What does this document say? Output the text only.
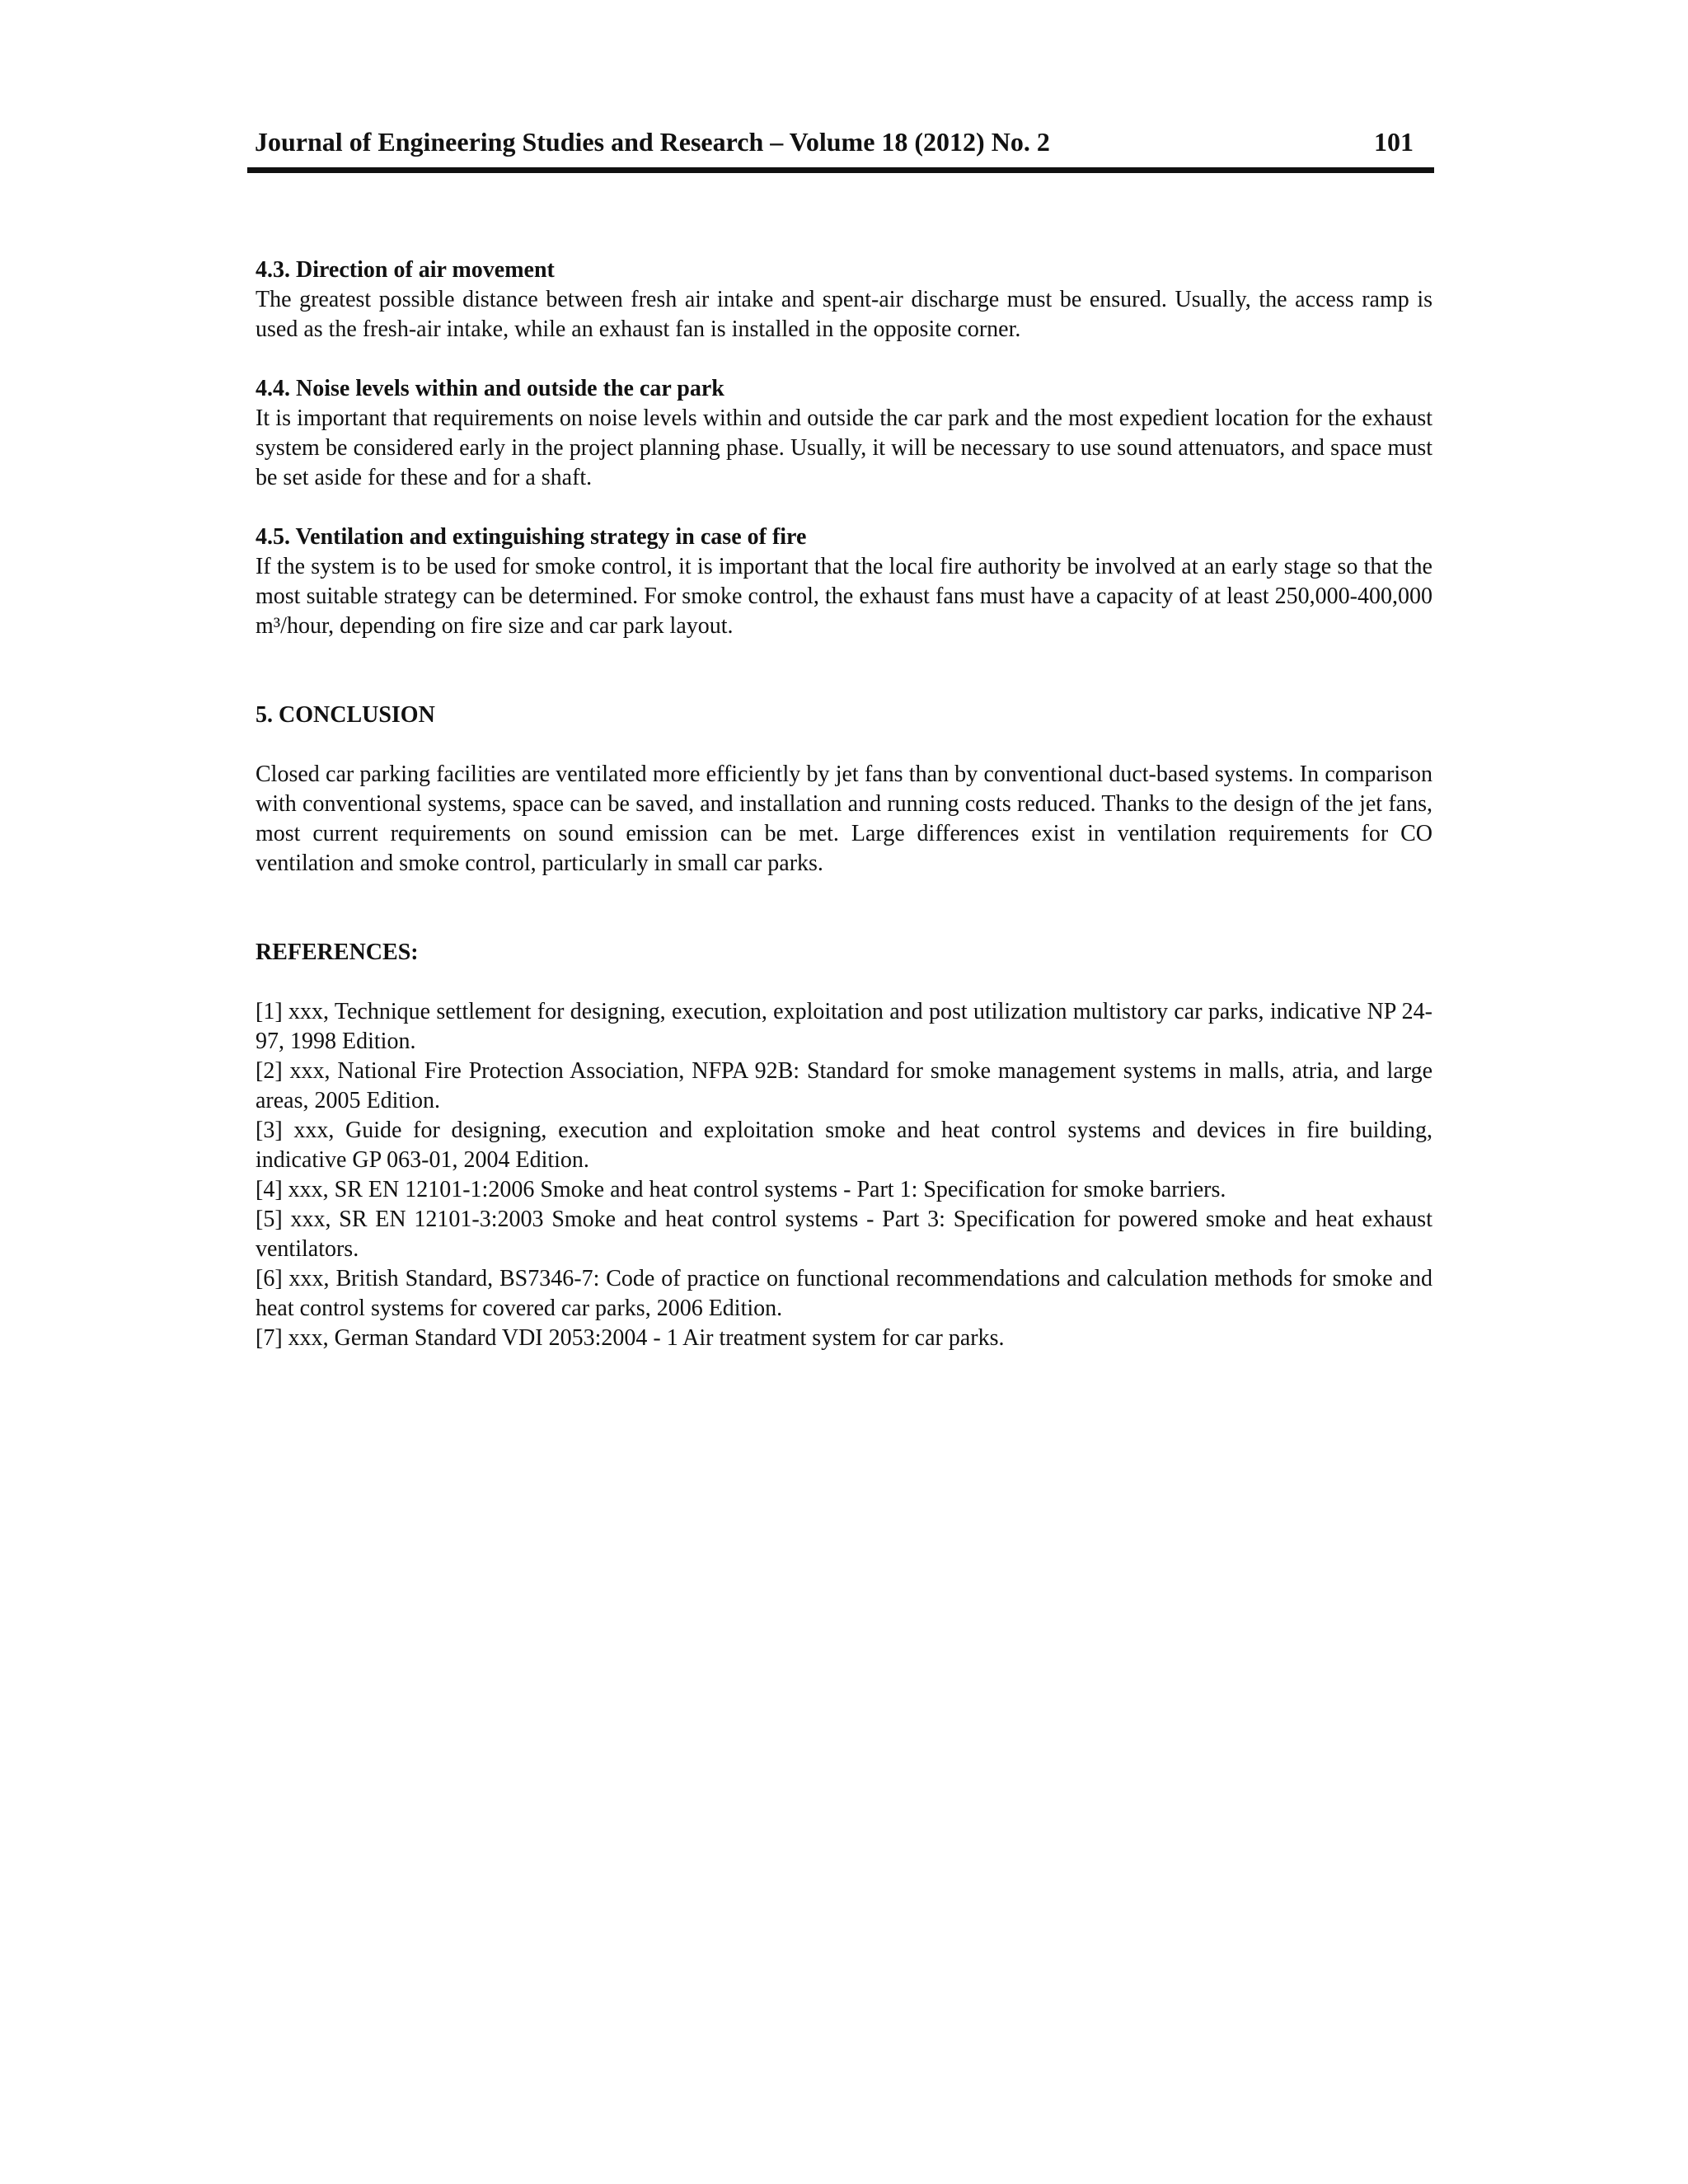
Journal of Engineering Studies and Research – Volume 18 (2012) No. 2	101

4.3. Direction of air movement

The greatest possible distance between fresh air intake and spent-air discharge must be ensured. Usually, the access ramp is used as the fresh-air intake, while an exhaust fan is installed in the opposite corner.

4.4. Noise levels within and outside the car park

It is important that requirements on noise levels within and outside the car park and the most expedient location for the exhaust system be considered early in the project planning phase. Usually, it will be necessary to use sound attenuators, and space must be set aside for these and for a shaft.

4.5. Ventilation and extinguishing strategy in case of fire

If the system is to be used for smoke control, it is important that the local fire authority be involved at an early stage so that the most suitable strategy can be determined. For smoke control, the exhaust fans must have a capacity of at least 250,000-400,000 m³/hour, depending on fire size and car park layout.

5. CONCLUSION

Closed car parking facilities are ventilated more efficiently by jet fans than by conventional duct-based systems. In comparison with conventional systems, space can be saved, and installation and running costs reduced. Thanks to the design of the jet fans, most current requirements on sound emission can be met. Large differences exist in ventilation requirements for CO ventilation and smoke control, particularly in small car parks.

REFERENCES:

[1] xxx, Technique settlement for designing, execution, exploitation and post utilization multistory car parks, indicative NP 24-97, 1998 Edition.

[2] xxx, National Fire Protection Association, NFPA 92B: Standard for smoke management systems in malls, atria, and large areas, 2005 Edition.

[3] xxx, Guide for designing, execution and exploitation smoke and heat control systems and devices in fire building, indicative GP 063-01, 2004 Edition.

[4] xxx, SR EN 12101-1:2006 Smoke and heat control systems - Part 1: Specification for smoke barriers.

[5] xxx, SR EN 12101-3:2003 Smoke and heat control systems - Part 3: Specification for powered smoke and heat exhaust ventilators.

[6] xxx, British Standard, BS7346-7: Code of practice on functional recommendations and calculation methods for smoke and heat control systems for covered car parks, 2006 Edition.

[7] xxx, German Standard VDI 2053:2004 - 1 Air treatment system for car parks.
